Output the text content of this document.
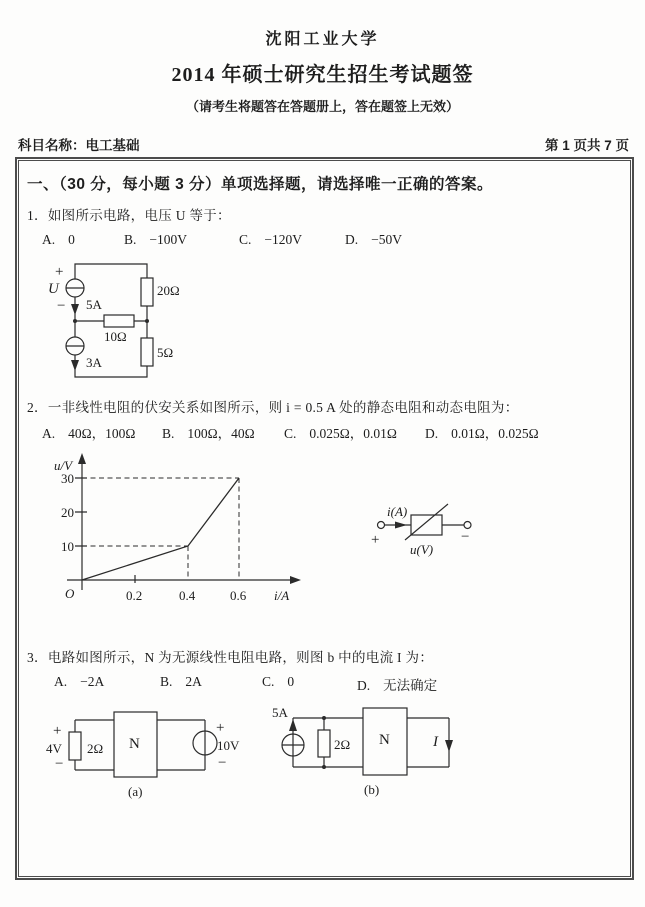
沈阳工业大学
2014 年硕士研究生招生考试题签
（请考生将题答在答题册上，答在题签上无效）
科目名称：电工基础	第 1 页共 7 页
一、（30 分，每小题 3 分）单项选择题，请选择唯一正确的答案。
1．如图所示电路，电压 U 等于：
A. 0	B. −100V	C. −120V	D. −50V
+
U
− 5A
20Ω
10Ω
5Ω
3A
2．一非线性电阻的伏安关系如图所示，则 i = 0.5 A 处的静态电阻和动态电阻为：
A. 40Ω，100Ω B. 100Ω，40Ω C. 0.025Ω，0.01Ω D. 0.01Ω，0.025Ω
u/V
30
20
10
O	0.2	0.4	0.6 i/A
i(A)
+	−
u(V)
3．电路如图所示，N 为无源线性电阻电路，则图 b 中的电流 I 为：
A. −2A	B. 2A	C. 0	D. 无法确定
+
4V
−
2Ω N
+
10V
−
(a)
5A
2Ω N	I
(b)
